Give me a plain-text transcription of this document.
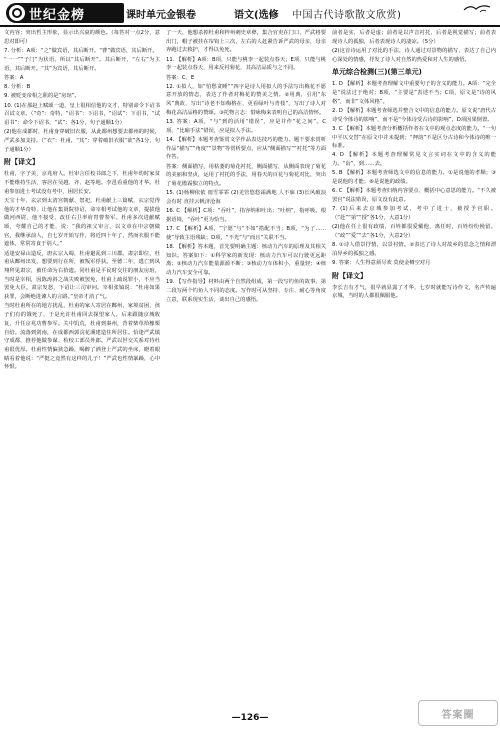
世纪金榜	课时单元金银卷	语文(选修 中国古代诗歌散文欣赏)

文内容；突出哲主形象，显示出兴衰的颜色。（每答对一点2分，意思对即可）

7. 分析：A项：“之”做宾语，其后断开。“曹”做宾语，其后断开。

“一一”“子门”为状语，所以“其后断开”。其后断开，“左右”为主语，其后断开。“其”为宾语，其后断开。

答案：A

8. 分析：B

9. 被贬变帝相之职的是“房琯”。

10. (1)在那赵上赋颂一道，皇上很相信他的文才，特别命令下诏书召试文章。（“奇”：奇特，“诏书”：下诏书，“诏试”：下诏书，“试诏书”：命令下诏书，“试”：各1分，句子通顺1分）

(2)他在成都时，杜甫身穿破旧衣服，从此都州想要去都州的时候，严武多加支持。（“衣”：杜甫，“其”：穿着破旧衣服“欲“各1分，句子通顺1分）

附【译文】

杜甫，字子美，京兆府人。杜审言任校书郎之下，杜甫年幼时家贫不能维持生活，客居在吴越、齐、赵等地。李邕看重他的才华。杜甫参加进士考试没有考中，困居长安。

天宝十年，玄宗到太清宫朝献、祭祀，杜甫献上三篇赋，玄宗觉得他的才华奇特，让他在集贤院待诏，命宰相考试他的文章，提拔他做河西尉，他不接受，改任右卫率府胄曹参军。杜甫多次进献赋颂，夸耀自己的才能，说：“我的祖父审言，以文章在中宗朝做官，我继承前人，自七岁开始写作，将近四十年了，然而衣服不能遮体，常常寄食于别人。”

适逢安禄山造反，唐玄宗入蜀，杜甫避乱到三川郡。肃宗即位，杜甫从鄜州出发，想要到行在所，被叛军俘获。至德二年，逃亡到凤翔拜见肃宗，被任命为右拾遗。同杜甫是平民时交往的朋友房琯，当时是宰相，因陈涛斜之战失败被罢免，杜甫上疏说罪小，不应当罢免大臣。肃宗发怒，下诏让三司审问。宰相张镐说：“杜甫如果获罪，会断绝进谏人的言路。”皇帝才消了气。

当时杜甫所在的地方扰乱，杜甫的家人寄居在鄜州，家境贫困，孩子们有的饿死了，于是允许杜甫回去探望家人。后来跟随京城收复，升任京兆功曹参军。关中饥荒，杜甫到秦州，背着柴草拾橡栗自给。流落到剑南，在成都西郭浣花溪建造住所居住。恰逢严武镇守成都，推荐他做参谋、检校工部员外郎。严武以世交关系对待杜甫很优厚。杜甫性情偏狭急躁，喝醉了酒登上严武的坐床，瞪着眼睛看着他说：“严挺之竟然有这样的儿子！”严武也性情暴躁，心中怀恨。

了一天，他想杀掉杜甫和梓州刺史章彝，集合官吏在门口，严武将要出门，帽子被挂在帘钩上三次，左右的人赶紧告诉严武的母亲，母亲奔跑过去救护，才得以免死。

11. 【解析】A项：B项，只能与桃李一起装点春天；E项，只能与桃李一起装点春天，用来反衬菊花，其高洁品质与之不同。

答案：C、E

12. ①拟人，如“怕愁贪睡”“四字是诗人用拟人的手法写出梅花不愿意开放的情态，表达了作者对梅花的赞美之情。②用典，引用“东风”典故，写出“诗老不知梅格在，更看绿叶与青枝”，写出了诗人对梅花高洁品格的赞颂。③托物言志：借咏梅来表明自己的高洁情怀。

13. 答案：A项，“与”到的活用“错误”，应是并作“花之间”。C项，“比喻手法”错误，应是拟人手法。

14. 【解析】本题考查鉴赏文学作品表达技巧的能力。题干要求赏析作品“描写”“角度”“景物”等赏析要点，应从“侧面描写”“衬托”等方面作答。

答案：侧面描写，用枯萎的菊花衬托，侧面描写，从侧面表现了菊花的美丽和坚贞，运用了衬托的手法，用春天的百花与菊花对比，突出了菊花傲霜独立的特点。

15. (1)杨柳依依 雨雪霏霏 (2)羌管悠悠霜满地 人不寐 (3)长风破浪会有时 直挂云帆济沧海

16. C 【解析】C项：“吞吐”，指容纳和吐出；“吐纳”，指呼吸。根据语境，“吞吐”更为恰当。

17. C 【解析】A项，“宁愿”与“不如”搭配不当；B项，“为了……使”导致主语残缺；D项，“不光”与“而且”关联不当。

18. 【解析】答本题，首先要明确主题：核动力汽车的原理及其相关知识。答案如下：①科学家的新发现：核动力汽车可以行驶更远距离；②核动力汽车能量源源不断；③核动力车体积小，重量轻；④核动力汽车安全可靠。

19. 【写作指导】材料由两个自然段组成，第一段写钓鱼的故事，第二段写两个钓鱼人不同的态度。写作时可从坚持、专注、耐心等角度立意，联系现实生活，谈出自己的感悟。

前者是实，后者是虚；前者是以声音衬托，后者是视觉描写；前者表现诗人的孤独，后者表现诗人的凄凉。（5分）

(2)这首诗运用了对比的手法，诗人通过对景物的描写，表达了自己内心深处的情感，抒发了诗人对自然的热爱和对人生的感悟。

单元综合检测(三)(第三单元)

1. D 【解析】本题考查理解文中重要句子的含义的能力。A项：“完全是”说法过于绝对；B项，“主要是”表述不当；C项，原文是“诗的风格”，而非“文体风格”。

2. D 【解析】本题考查筛选并整合文中的信息的能力。原文说“唐代古诗受今体诗的影响”，而不是“今体诗受古诗的影响”，D项因果倒置。

3. C 【解析】本题考查分析概括作者在文中的观点态度的能力。“一句中平仄交替”在原文中并未提到；“押韵”不是区分古诗和今体诗的唯一标准。

4. D 【解析】本题考查理解常见文言实词在文中的含义的能力。“诣”，到……去。

5. B 【解析】本题考查筛选文中的信息的能力。①是说他的孝顺；③是说他的才能；⑥是说他的政绩。

6. C 【解析】本题考查归纳内容要点、概括中心意思的能力。“不久被罢官”说法错误，原文没有此意。

7. (1)后来去京城参加考试，考中了进士，被授予官职。（“赴”“第”“授”各1分，大意1分）

(2)他在任上很有政绩，百姓都很爱戴他，离任时，百姓纷纷挽留。（“政”“爱”“去”各1分，大意2分）

8. ①诗人借景抒情，以景衬情。②表达了诗人对故乡的思念之情和漂泊异乡的孤独之感。

9. 答案：人生得意须尽欢 莫使金樽空对月

附【译文】

李长吉有才气，很早就显露了才华，七岁时就能写诗作文，名声传遍京城，当时的人都很佩服他。

—126—	答案圈
